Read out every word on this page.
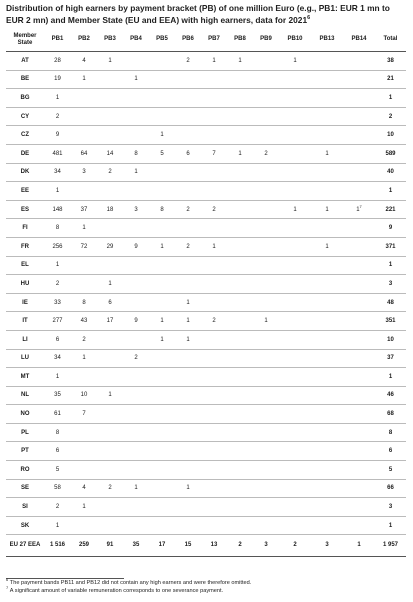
Distribution of high earners by payment bracket (PB) of one million Euro (e.g., PB1: EUR 1 mn to EUR 2 mn) and Member State (EU and EEA) with high earners, data for 2021$^6$
Member State	PB1	PB2	PB3	PB4	PB5	PB6	PB7	PB8	PB9	PB10	PB13	PB14	Total
AT	28	4	1			2	1	1		1			38
BE	19	1		1									21
BG	1												1
CY	2												2
CZ	9				1								10
DE	481	64	14	8	5	6	7	1	2		1		589
DK	34	3	2	1									40
EE	1												1
ES	148	37	18	3	8	2	2			1	1	$1^7$	221
FI	8	1											9
FR	256	72	29	9	1	2	1				1		371
EL	1												1
HU	2		1										3
IE	33	8	6			1							48
IT	277	43	17	9	1	1	2		1				351
LI	6	2			1	1							10
LU	34	1		2									37
MT	1												1
NL	35	10	1										46
NO	61	7											68
PL	8												8
PT	6												6
RO	5												5
SE	58	4	2	1		1							66
SI	2	1											3
SK	1												1
EU 27 EEA	1 516	259	91	35	17	15	13	2	3	2	3	1	1 957
$^6$ The payment bands PB11 and PB12 did not contain any high earners and were therefore omitted.
$^7$ A significant amount of variable remuneration corresponds to one severance payment.
